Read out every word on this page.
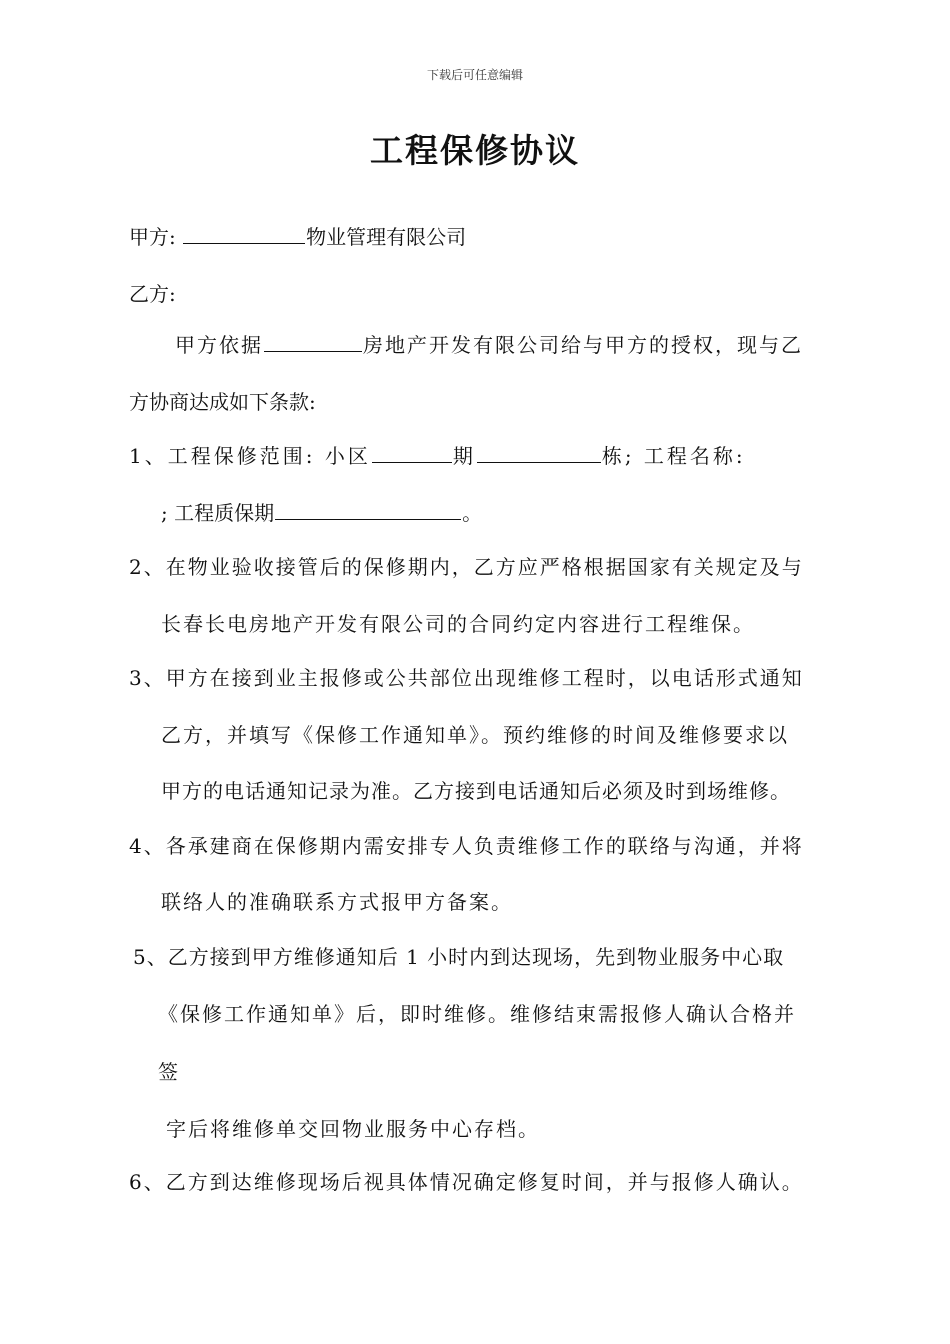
下载后可任意编辑
工程保修协议
甲方:	物业管理有限公司
乙方:
甲方依据	房地产开发有限公司给与甲方的授权，现与乙
方协商达成如下条款:
1、工程保修范围: 小区	期	栋; 工程名称:
; 工程质保期	。
2、在物业验收接管后的保修期内，乙方应严格根据国家有关规定及与
长春长电房地产开发有限公司的合同约定内容进行工程维保。
3、甲方在接到业主报修或公共部位出现维修工程时，以电话形式通知
乙方，并填写《保修工作通知单》。预约维修的时间及维修要求以
甲方的电话通知记录为准。乙方接到电话通知后必须及时到场维修。
4、各承建商在保修期内需安排专人负责维修工作的联络与沟通，并将
联络人的准确联系方式报甲方备案。
5、乙方接到甲方维修通知后 1 小时内到达现场，先到物业服务中心取
《保修工作通知单》后，即时维修。维修结束需报修人确认合格并
签
字后将维修单交回物业服务中心存档。
6、乙方到达维修现场后视具体情况确定修复时间，并与报修人确认。
